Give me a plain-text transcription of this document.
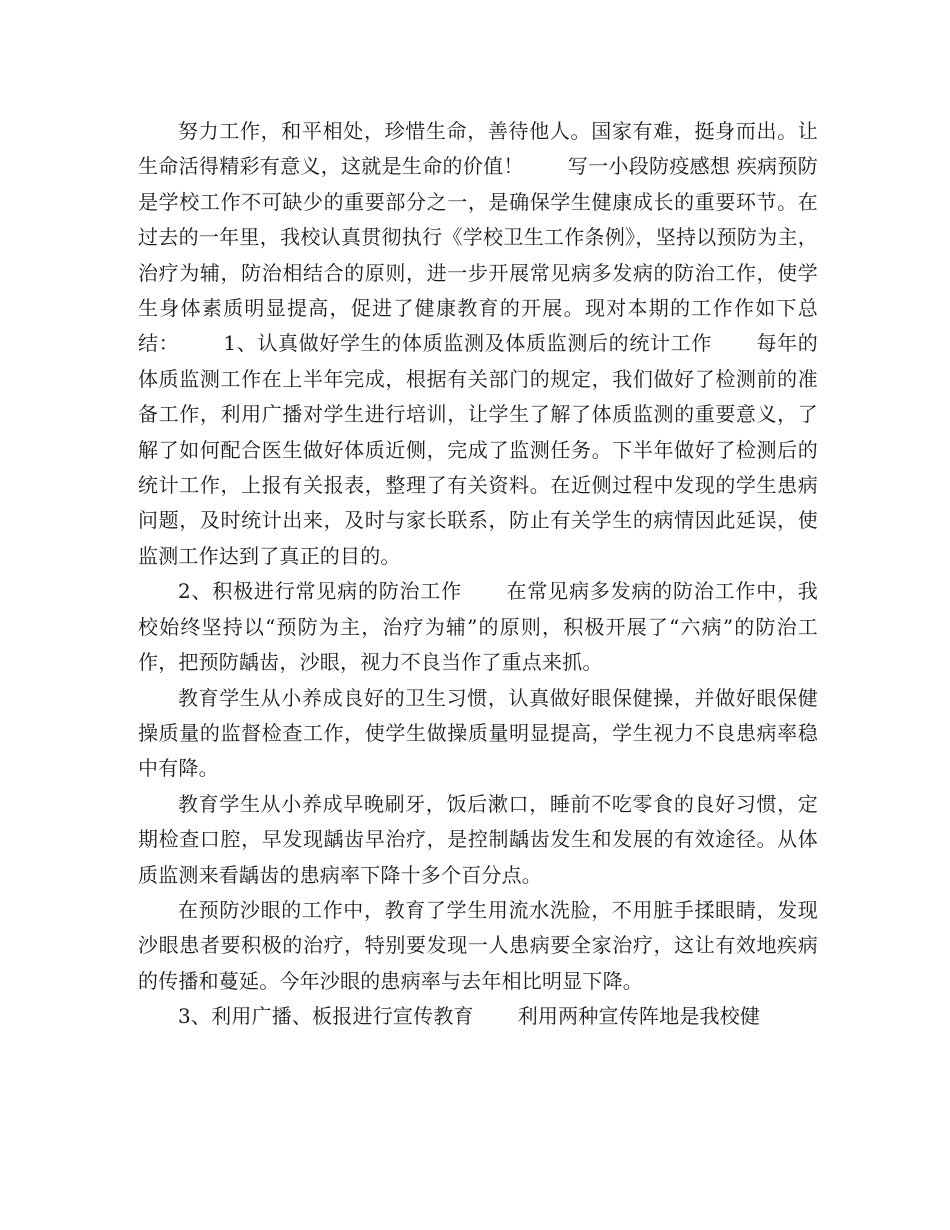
努力工作，和平相处，珍惜生命，善待他人。国家有难，挺身而出。让生命活得精彩有意义，这就是生命的价值！ 写一小段防疫感想 疾病预防是学校工作不可缺少的重要部分之一，是确保学生健康成长的重要环节。在过去的一年里，我校认真贯彻执行《学校卫生工作条例》，坚持以预防为主，治疗为辅，防治相结合的原则，进一步开展常见病多发病的防治工作，使学生身体素质明显提高，促进了健康教育的开展。现对本期的工作作如下总结： 1、认真做好学生的体质监测及体质监测后的统计工作 每年的体质监测工作在上半年完成，根据有关部门的规定，我们做好了检测前的准备工作，利用广播对学生进行培训，让学生了解了体质监测的重要意义，了解了如何配合医生做好体质近侧，完成了监测任务。下半年做好了检测后的统计工作，上报有关报表，整理了有关资料。在近侧过程中发现的学生患病问题，及时统计出来，及时与家长联系，防止有关学生的病情因此延误，使监测工作达到了真正的目的。

2、积极进行常见病的防治工作 在常见病多发病的防治工作中，我校始终坚持以“预防为主，治疗为辅”的原则，积极开展了“六病”的防治工作，把预防龋齿，沙眼，视力不良当作了重点来抓。

教育学生从小养成良好的卫生习惯，认真做好眼保健操，并做好眼保健操质量的监督检查工作，使学生做操质量明显提高，学生视力不良患病率稳中有降。

教育学生从小养成早晚刷牙，饭后漱口，睡前不吃零食的良好习惯，定期检查口腔，早发现龋齿早治疗，是控制龋齿发生和发展的有效途径。从体质监测来看龋齿的患病率下降十多个百分点。

在预防沙眼的工作中，教育了学生用流水洗脸，不用脏手揉眼睛，发现沙眼患者要积极的治疗，特别要发现一人患病要全家治疗，这让有效地疾病的传播和蔓延。今年沙眼的患病率与去年相比明显下降。

3、利用广播、板报进行宣传教育 利用两种宣传阵地是我校健
